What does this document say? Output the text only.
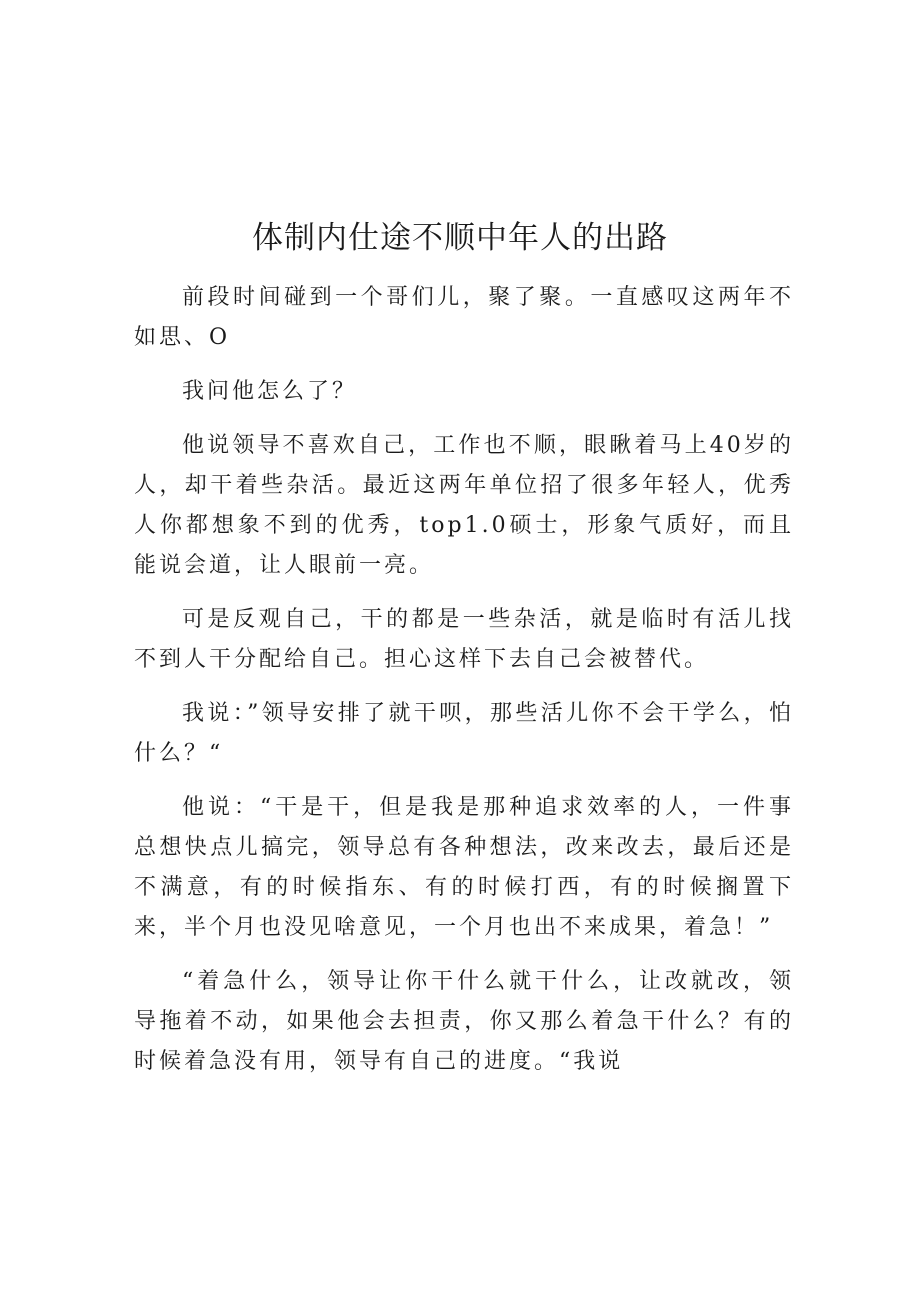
体制内仕途不顺中年人的出路

前段时间碰到一个哥们儿，聚了聚。一直感叹这两年不如思、O

我问他怎么了？

他说领导不喜欢自己，工作也不顺，眼瞅着马上40岁的人，却干着些杂活。最近这两年单位招了很多年轻人，优秀人你都想象不到的优秀，top1.0硕士，形象气质好，而且能说会道，让人眼前一亮。

可是反观自己，干的都是一些杂活，就是临时有活儿找不到人干分配给自己。担心这样下去自己会被替代。

我说：”领导安排了就干呗，那些活儿你不会干学么，怕什么？“

他说：“干是干，但是我是那种追求效率的人，一件事总想快点儿搞完，领导总有各种想法，改来改去，最后还是不满意，有的时候指东、有的时候打西，有的时候搁置下来，半个月也没见啥意见，一个月也出不来成果，着急！”

“着急什么，领导让你干什么就干什么，让改就改，领导拖着不动，如果他会去担责，你又那么着急干什么？有的时候着急没有用，领导有自己的进度。“我说
